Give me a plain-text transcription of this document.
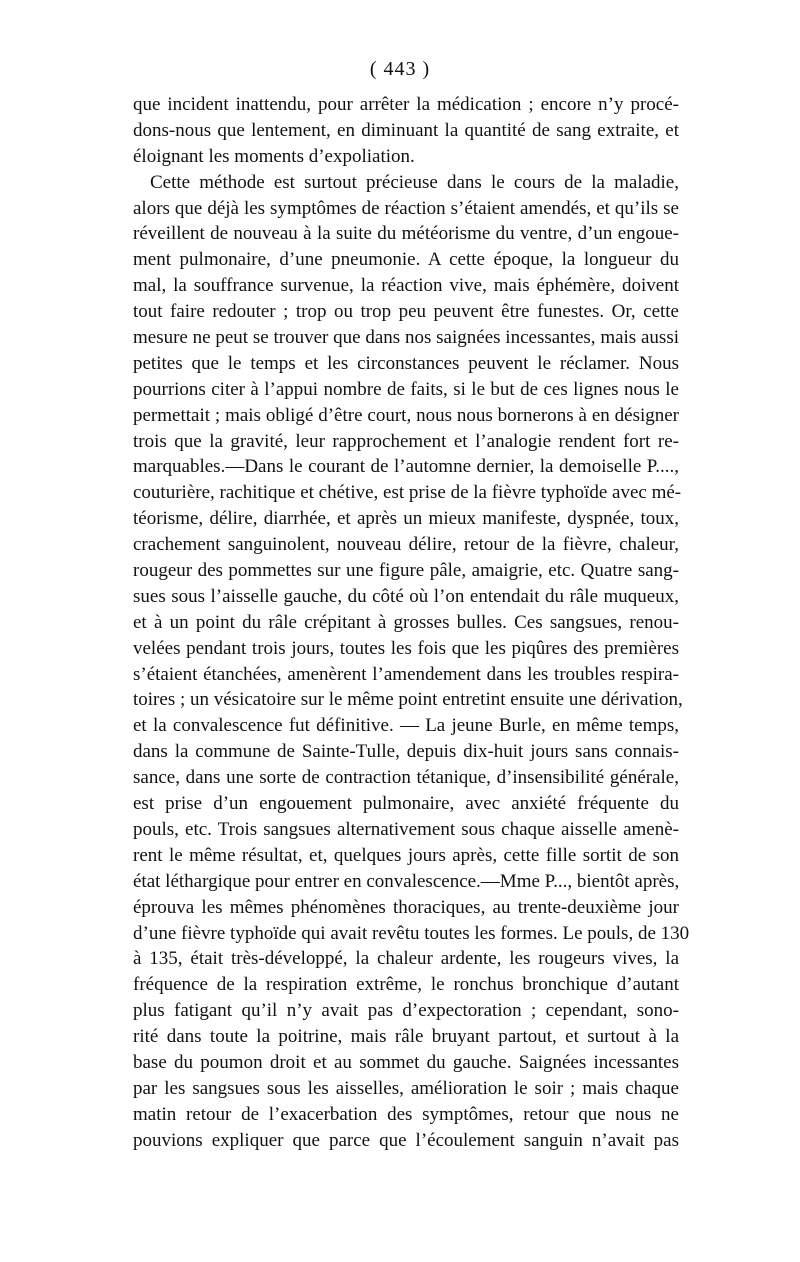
( 443 )
que incident inattendu, pour arrêter la médication ; encore n’y procé-
dons-nous que lentement, en diminuant la quantité de sang extraite, et
éloignant les moments d’expoliation.
Cette méthode est surtout précieuse dans le cours de la maladie,
alors que déjà les symptômes de réaction s’étaient amendés, et qu’ils se
réveillent de nouveau à la suite du météorisme du ventre, d’un engoue-
ment pulmonaire, d’une pneumonie. A cette époque, la longueur du
mal, la souffrance survenue, la réaction vive, mais éphémère, doivent
tout faire redouter ; trop ou trop peu peuvent être funestes. Or, cette
mesure ne peut se trouver que dans nos saignées incessantes, mais aussi
petites que le temps et les circonstances peuvent le réclamer. Nous
pourrions citer à l’appui nombre de faits, si le but de ces lignes nous le
permettait ; mais obligé d’être court, nous nous bornerons à en désigner
trois que la gravité, leur rapprochement et l’analogie rendent fort re-
marquables.—Dans le courant de l’automne dernier, la demoiselle P....,
couturière, rachitique et chétive, est prise de la fièvre typhoïde avec mé-
téorisme, délire, diarrhée, et après un mieux manifeste, dyspnée, toux,
crachement sanguinolent, nouveau délire, retour de la fièvre, chaleur,
rougeur des pommettes sur une figure pâle, amaigrie, etc. Quatre sang-
sues sous l’aisselle gauche, du côté où l’on entendait du râle muqueux,
et à un point du râle crépitant à grosses bulles. Ces sangsues, renou-
velées pendant trois jours, toutes les fois que les piqûres des premières
s’étaient étanchées, amenèrent l’amendement dans les troubles respira-
toires ; un vésicatoire sur le même point entretint ensuite une dérivation,
et la convalescence fut définitive. — La jeune Burle, en même temps,
dans la commune de Sainte-Tulle, depuis dix-huit jours sans connais-
sance, dans une sorte de contraction tétanique, d’insensibilité générale,
est prise d’un engouement pulmonaire, avec anxiété fréquente du
pouls, etc. Trois sangsues alternativement sous chaque aisselle amenè-
rent le même résultat, et, quelques jours après, cette fille sortit de son
état léthargique pour entrer en convalescence.—Mme P..., bientôt après,
éprouva les mêmes phénomènes thoraciques, au trente-deuxième jour
d’une fièvre typhoïde qui avait revêtu toutes les formes. Le pouls, de 130
à 135, était très-développé, la chaleur ardente, les rougeurs vives, la
fréquence de la respiration extrême, le ronchus bronchique d’autant
plus fatigant qu’il n’y avait pas d’expectoration ; cependant, sono-
rité dans toute la poitrine, mais râle bruyant partout, et surtout à la
base du poumon droit et au sommet du gauche. Saignées incessantes
par les sangsues sous les aisselles, amélioration le soir ; mais chaque
matin retour de l’exacerbation des symptômes, retour que nous ne
pouvions expliquer que parce que l’écoulement sanguin n’avait pas
